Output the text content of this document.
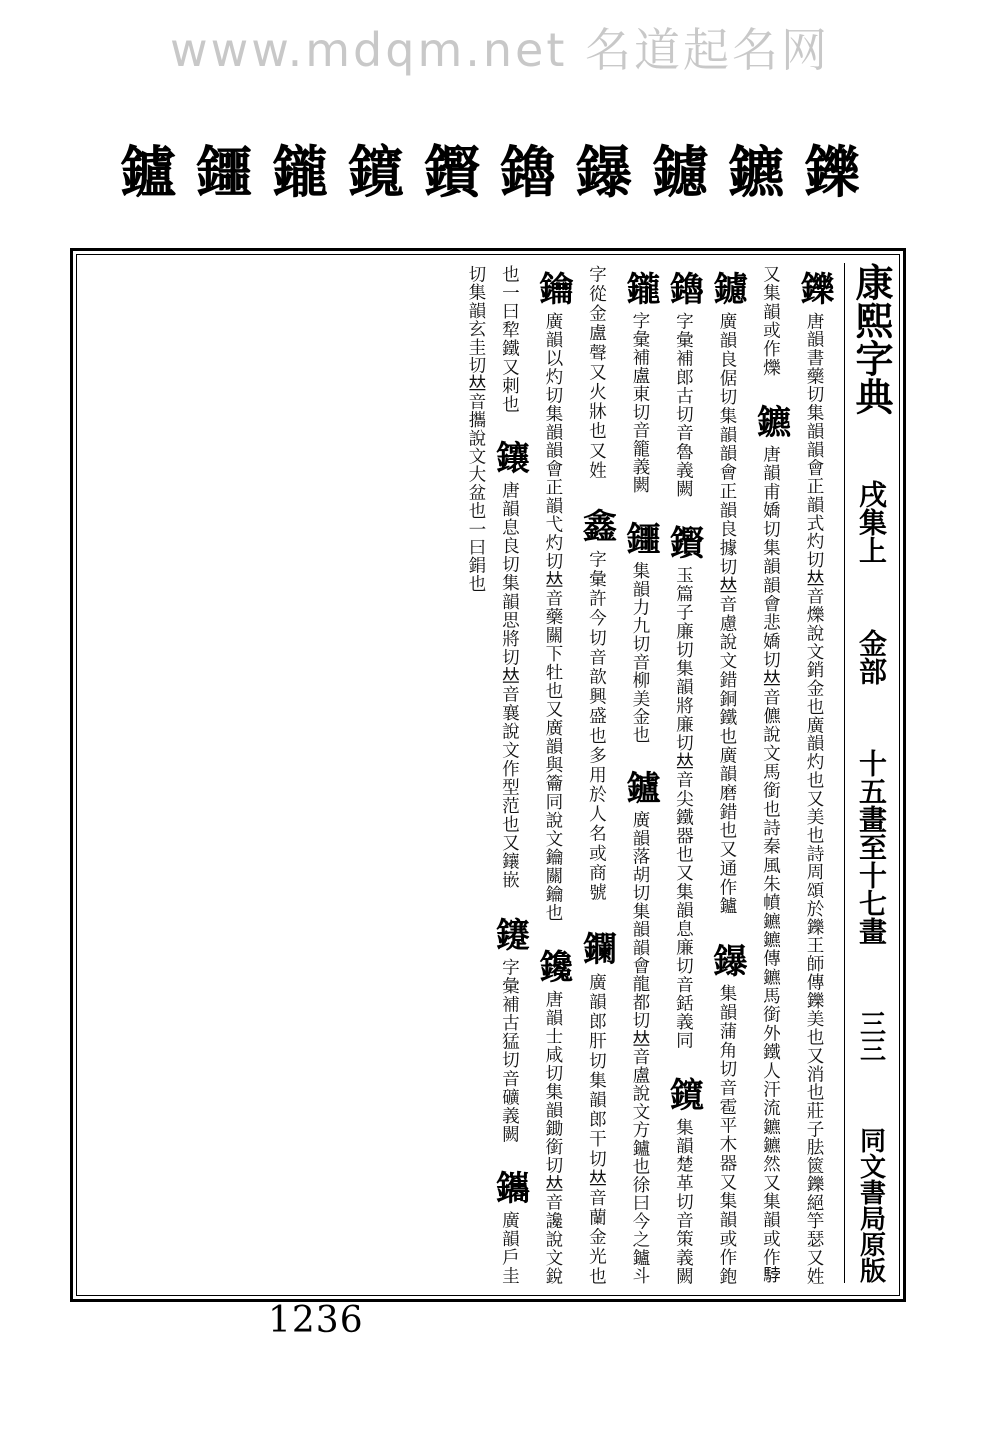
www.mdqm.net 名道起名网
鑠
鑣
鑢
鑤
鑥
鑦
鑧
鑨
鑩
鑪
康熙字典
戌集上
金部
十五畫至十七畫
三三
同文書局原版
鑠唐韻書藥切集韻韻會正韻式灼切𠀤音爍說文銷金也廣韻灼也又美也詩周頌於鑠王師傳鑠美也又消也莊子胠篋鑠絕竽瑟又姓又集韻或作爍 鑣唐韻甫嬌切集韻韻會悲嬌切𠀤音儦說文馬銜也詩秦風朱幩鑣鑣傳鑣馬銜外鐵人汗流鑣鑣然又集韻或作𩣡 鑢廣韻良倨切集韻韻會正韻良據切𠀤音慮說文錯銅鐵也廣韻磨錯也又通作鑪 鑤集韻蒲角切音雹平木器又集韻或作鉋 鑥字彙補郎古切音魯義闕 鑦玉篇子廉切集韻將廉切𠀤音尖鐵器也又集韻息廉切音銛義同 鑧集韻楚革切音策義闕 鑨字彙補盧東切音籠義闕 鑩集韻力九切音柳美金也 鑪廣韻落胡切集韻韻會龍都切𠀤音盧說文方鑪也徐曰今之鑪斗字從金盧聲又火牀也又姓 鑫字彙許今切音歆興盛也多用於人名或商號 鑭廣韻郎肝切集韻郎干切𠀤音蘭金光也 鑰廣韻以灼切集韻韻會正韻弋灼切𠀤音藥關下牡也又廣韻與籥同說文鑰關鑰也 鑱唐韻士咸切集韻鋤銜切𠀤音讒說文銳也一曰犂鐵又刺也 鑲唐韻息良切集韻思將切𠀤音襄說文作型范也又鑲嵌 鑳字彙補古猛切音礦義闕 鑴廣韻戶圭切集韻玄圭切𠀤音攜說文大盆也一曰鋗也
1236
